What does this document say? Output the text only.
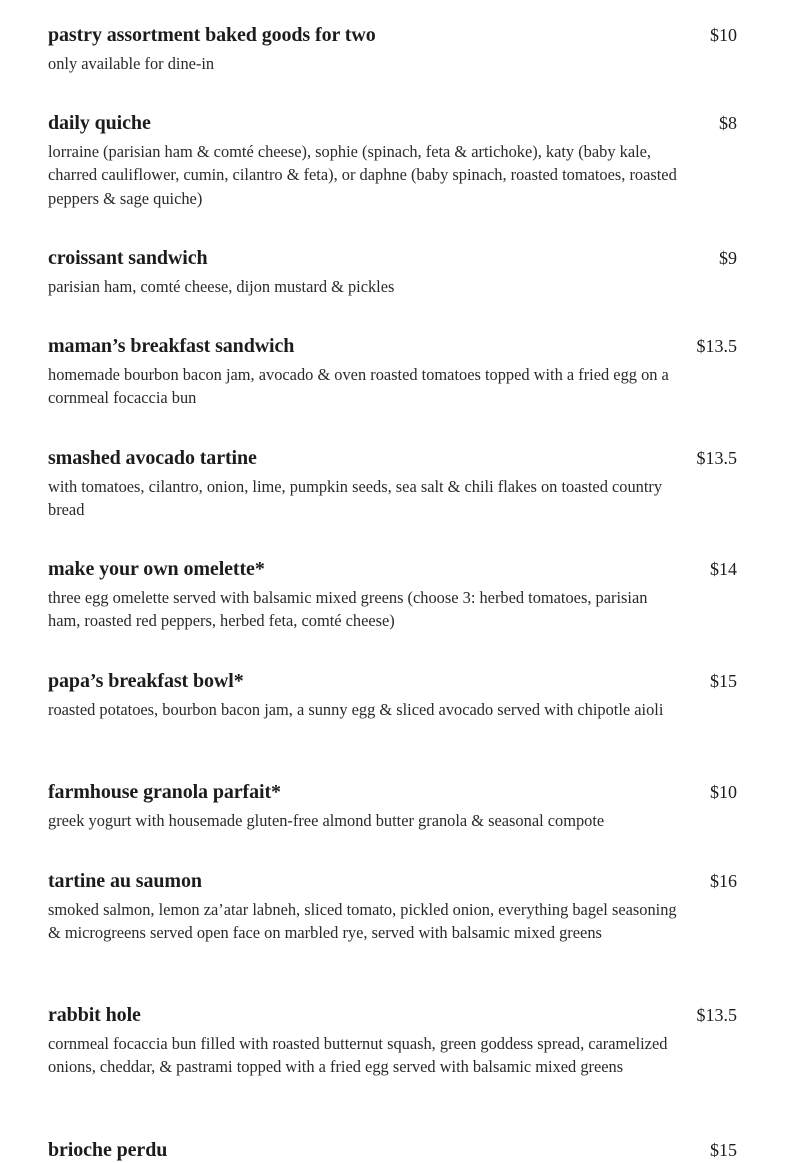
pastry assortment baked goods for two	$10
only available for dine-in
daily quiche	$8
lorraine (parisian ham & comté cheese), sophie (spinach, feta & artichoke), katy (baby kale, charred cauliflower, cumin, cilantro & feta), or daphne (baby spinach, roasted tomatoes, roasted peppers & sage quiche)
croissant sandwich	$9
parisian ham, comté cheese, dijon mustard & pickles
maman’s breakfast sandwich	$13.5
homemade bourbon bacon jam, avocado & oven roasted tomatoes topped with a fried egg on a cornmeal focaccia bun
smashed avocado tartine	$13.5
with tomatoes, cilantro, onion, lime, pumpkin seeds, sea salt & chili flakes on toasted country bread
make your own omelette*	$14
three egg omelette served with balsamic mixed greens (choose 3: herbed tomatoes, parisian ham, roasted red peppers, herbed feta, comté cheese)
papa’s breakfast bowl*	$15
roasted potatoes, bourbon bacon jam, a sunny egg & sliced avocado served with chipotle aioli
farmhouse granola parfait*	$10
greek yogurt with housemade gluten-free almond butter granola & seasonal compote
tartine au saumon	$16
smoked salmon, lemon za’atar labneh, sliced tomato, pickled onion, everything bagel seasoning & microgreens served open face on marbled rye, served with balsamic mixed greens
rabbit hole	$13.5
cornmeal focaccia bun filled with roasted butternut squash, green goddess spread, caramelized onions, cheddar, & pastrami topped with a fried egg served with balsamic mixed greens
brioche perdu	$15
